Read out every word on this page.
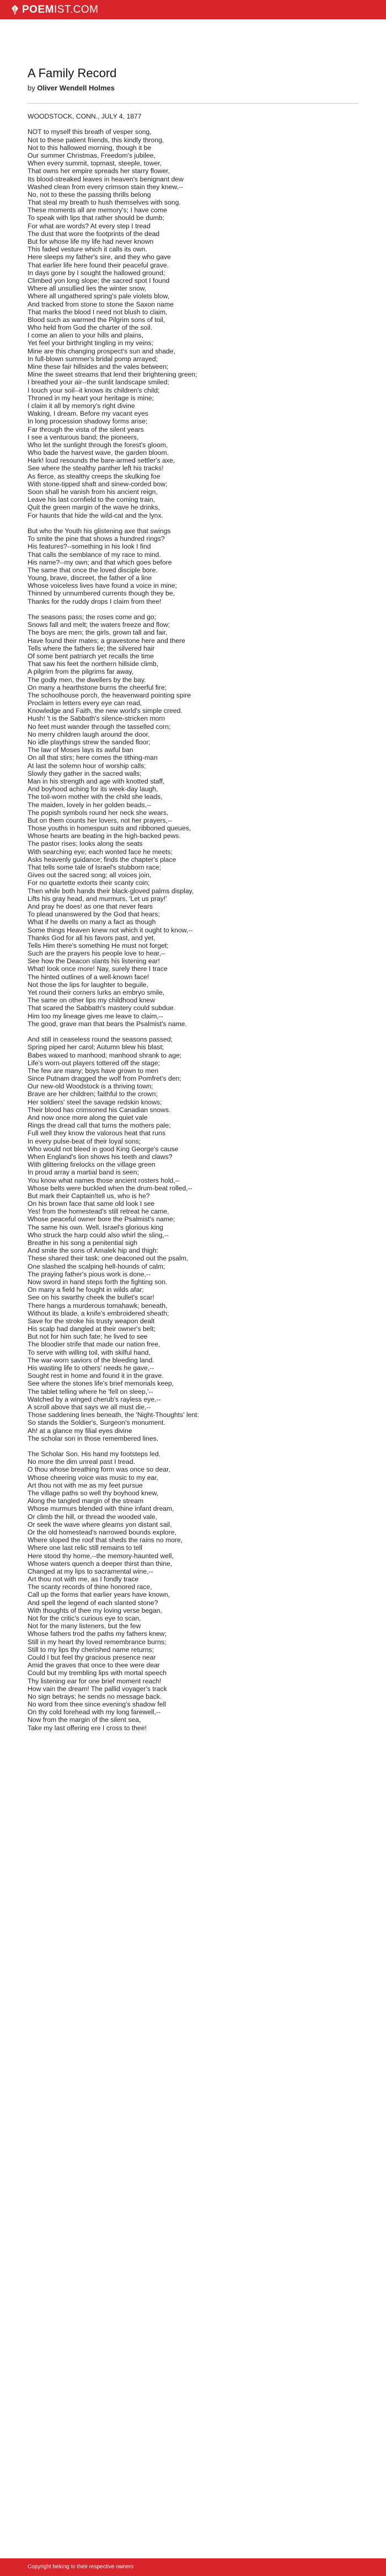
POEMIST.COM
A Family Record
by Oliver Wendell Holmes
WOODSTOCK, CONN., JULY 4, 1877
NOT to myself this breath of vesper song,
Not to these patient friends, this kindly throng,
Not to this hallowed morning, though it be
Our summer Christmas, Freedom's jubilee,
When every summit, topmast, steeple, tower,
That owns her empire spreads her starry flower,
Its blood-streaked leaves in heaven's benignant dew
Washed clean from every crimson stain they knew,--
No, not to these the passing thrills belong
That steal my breath to hush themselves with song.
These moments all are memory's; I have come
To speak with lips that rather should be dumb;
For what are words? At every step I tread
The dust that wore the footprints of the dead
But for whose life my life had never known
This faded vesture which it calls its own.
Here sleeps my father's sire, and they who gave
That earlier life here found their peaceful grave.
In days gone by I sought the hallowed ground;
Climbed yon long slope; the sacred spot I found
Where all unsullied lies the winter snow,
Where all ungathered spring's pale violets blow,
And tracked from stone to stone the Saxon name
That marks the blood I need not blush to claim,
Blood such as warmed the Pilgrim sons of toil,
Who held from God the charter of the soil.
I come an alien to your hills and plains,
Yet feel your birthright tingling in my veins;
Mine are this changing prospect's sun and shade,
In full-blown summer's bridal pomp arrayed;
Mine these fair hillsides and the vales between;
Mine the sweet streams that lend their brightening green;
I breathed your air--the sunlit landscape smiled;
I touch your soil--it knows its children's child;
Throned in my heart your heritage is mine;
I claim it all by memory's right divine
Waking, I dream. Before my vacant eyes
In long procession shadowy forms arise;
Far through the vista of the silent years
I see a venturous band; the pioneers,
Who let the sunlight through the forest's gloom,
Who bade the harvest wave, the garden bloom.
Hark! loud resounds the bare-armed settler's axe,
See where the stealthy panther left his tracks!
As fierce, as stealthy creeps the skulking foe
With stone-tipped shaft and sinew-corded bow;
Soon shall he vanish from his ancient reign,
Leave his last cornfield to the coming train,
Quit the green margin of the wave he drinks,
For haunts that hide the wild-cat and the lynx.
But who the Youth his glistening axe that swings
To smite the pine that shows a hundred rings?
His features?--something in his look I find
That calls the semblance of my race to mind.
His name?--my own; and that which goes before
The same that once the loved disciple bore.
Young, brave, discreet, the father of a line
Whose voiceless lives have found a voice in mine;
Thinned by unnumbered currents though they be,
Thanks for the ruddy drops I claim from thee!
The seasons pass; the roses come and go;
Snows fall and melt; the waters freeze and flow;
The boys are men; the girls, grown tall and fair,
Have found their mates; a gravestone here and there
Tells where the fathers lie; the silvered hair
Of some bent patriarch yet recalls the time
That saw his feet the northern hillside climb,
A pilgrim from the pilgrims far away,
The godly men, the dwellers by the bay.
On many a hearthstone burns the cheerful fire;
The schoolhouse porch, the heavenward pointing spire
Proclaim in letters every eye can read,
Knowledge and Faith, the new world's simple creed.
Hush! 't is the Sabbath's silence-stricken morn
No feet must wander through the tasselled corn;
No merry children laugh around the door,
No idle playthings strew the sanded floor;
The law of Moses lays its awful ban
On all that stirs; here comes the tithing-man
At last the solemn hour of worship calls;
Slowly they gather in the sacred walls;
Man in his strength and age with knotted staff,
And boyhood aching for its week-day laugh,
The toil-worn mother with the child she leads,
The maiden, lovely in her golden beads,--
The popish symbols round her neck she wears,
But on them counts her lovers, not her prayers,--
Those youths in homespun suits and ribboned queues,
Whose hearts are beating in the high-backed pews.
The pastor rises; looks along the seats
With searching eye; each wonted face he meets;
Asks heavenly guidance; finds the chapter's place
That tells some tale of Israel's stubborn race;
Gives out the sacred song; all voices join,
For no quartette extorts their scanty coin;
Then while both hands their black-gloved palms display,
Lifts his gray head, and murmurs, 'Let us pray!'
And pray he does! as one that never fears
To plead unanswered by the God that hears;
What if he dwells on many a fact as though
Some things Heaven knew not which it ought to know,--
Thanks God for all his favors past, and yet,
Tells Him there's something He must not forget;
Such are the prayers his people love to hear,--
See how the Deacon slants his listening ear!
What! look once more! Nay, surely there I trace
The hinted outlines of a well-known face!
Not those the lips for laughter to beguile,
Yet round their corners lurks an embryo smile,
The same on other lips my childhood knew
That scared the Sabbath's mastery could subdue.
Him too my lineage gives me leave to claim,--
The good, grave man that bears the Psalmist's name.
And still in ceaseless round the seasons passed;
Spring piped her carol; Autumn blew his blast;
Babes waxed to manhood; manhood shrank to age;
Life's worn-out players tottered off the stage;
The few are many; boys have grown to men
Since Putnam dragged the wolf from Pomfret's den;
Our new-old Woodstock is a thriving town;
Brave are her children; faithful to the crown;
Her soldiers' steel the savage redskin knows;
Their blood has crimsoned his Canadian snows.
And now once more along the quiet vale
Rings the dread call that turns the mothers pale;
Full well they know the valorous heat that runs
In every pulse-beat of their loyal sons;
Who would not bleed in good King George's cause
When England's lion shows his teeth and claws?
With glittering firelocks on the village green
In proud array a martial band is seen;
You know what names those ancient rosters hold,--
Whose belts were buckled when the drum-beat rolled,--
But mark their Captain!tell us, who is he?
On his brown face that same old look I see
Yes! from the homestead's still retreat he came,
Whose peaceful owner bore the Psalmist's name;
The same his own. Well, Israel's glorious king
Who struck the harp could also whirl the sling,--
Breathe in his song a penitential sigh
And smite the sons of Amalek hip and thigh:
These shared their task; one deaconed out the psalm,
One slashed the scalping hell-hounds of calm;
The praying father's pious work is done,--
Now sword in hand steps forth the fighting son.
On many a field he fought in wilds afar;
See on his swarthy cheek the bullet's scar!
There hangs a murderous tomahawk; beneath,
Without its blade, a knife's embroidered sheath;
Save for the stroke his trusty weapon dealt
His scalp had dangled at their owner's belt;
But not for him such fate; he lived to see
The bloodier strife that made our nation free,
To serve with willing toil, with skilful hand,
The war-worn saviors of the bleeding land.
His wasting life to others' needs he gave,--
Sought rest in home and found it in the grave.
See where the stones life's brief memorials keep,
The tablet telling where he 'fell on sleep,'--
Watched by a winged cherub's rayless eye,--
A scroll above that says we all must die,--
Those saddening lines beneath, the 'Night-Thoughts' lent:
So stands the Soldier's, Surgeon's monument.
Ah! at a glance my filial eyes divine
The scholar son in those remembered lines.
The Scholar Son. His hand my footsteps led.
No more the dim unreal past I tread.
O thou whose breathing form was once so dear,
Whose cheering voice was music to my ear,
Art thou not with me as my feet pursue
The village paths so well thy boyhood knew,
Along the tangled margin of the stream
Whose murmurs blended with thine infant dream,
Or climb the hill, or thread the wooded vale,
Or seek the wave where gleams yon distant sail,
Or the old homestead's narrowed bounds explore,
Where sloped the roof that sheds the rains no more,
Where one last relic still remains to tell
Here stood thy home,--the memory-haunted well,
Whose waters quench a deeper thirst than thine,
Changed at my lips to sacramental wine,--
Art thou not with me, as I fondly trace
The scanty records of thine honored race,
Call up the forms that earlier years have known,
And spell the legend of each slanted stone?
With thoughts of thee my loving verse began,
Not for the critic's curious eye to scan,
Not for the many listeners, but the few
Whose fathers trod the paths my fathers knew;
Still in my heart thy loved remembrance burns;
Still to my lips thy cherished name returns;
Could I but feel thy gracious presence near
Amid the graves that once to thee were dear
Could but my trembling lips with mortal speech
Thy listening ear for one brief moment reach!
How vain the dream! The pallid voyager's track
No sign betrays; he sends no message back.
No word from thee since evening's shadow fell
On thy cold forehead with my long farewell,--
Now from the margin of the silent sea,
Take my last offering ere I cross to thee!
Copyright belong to their respective owners
